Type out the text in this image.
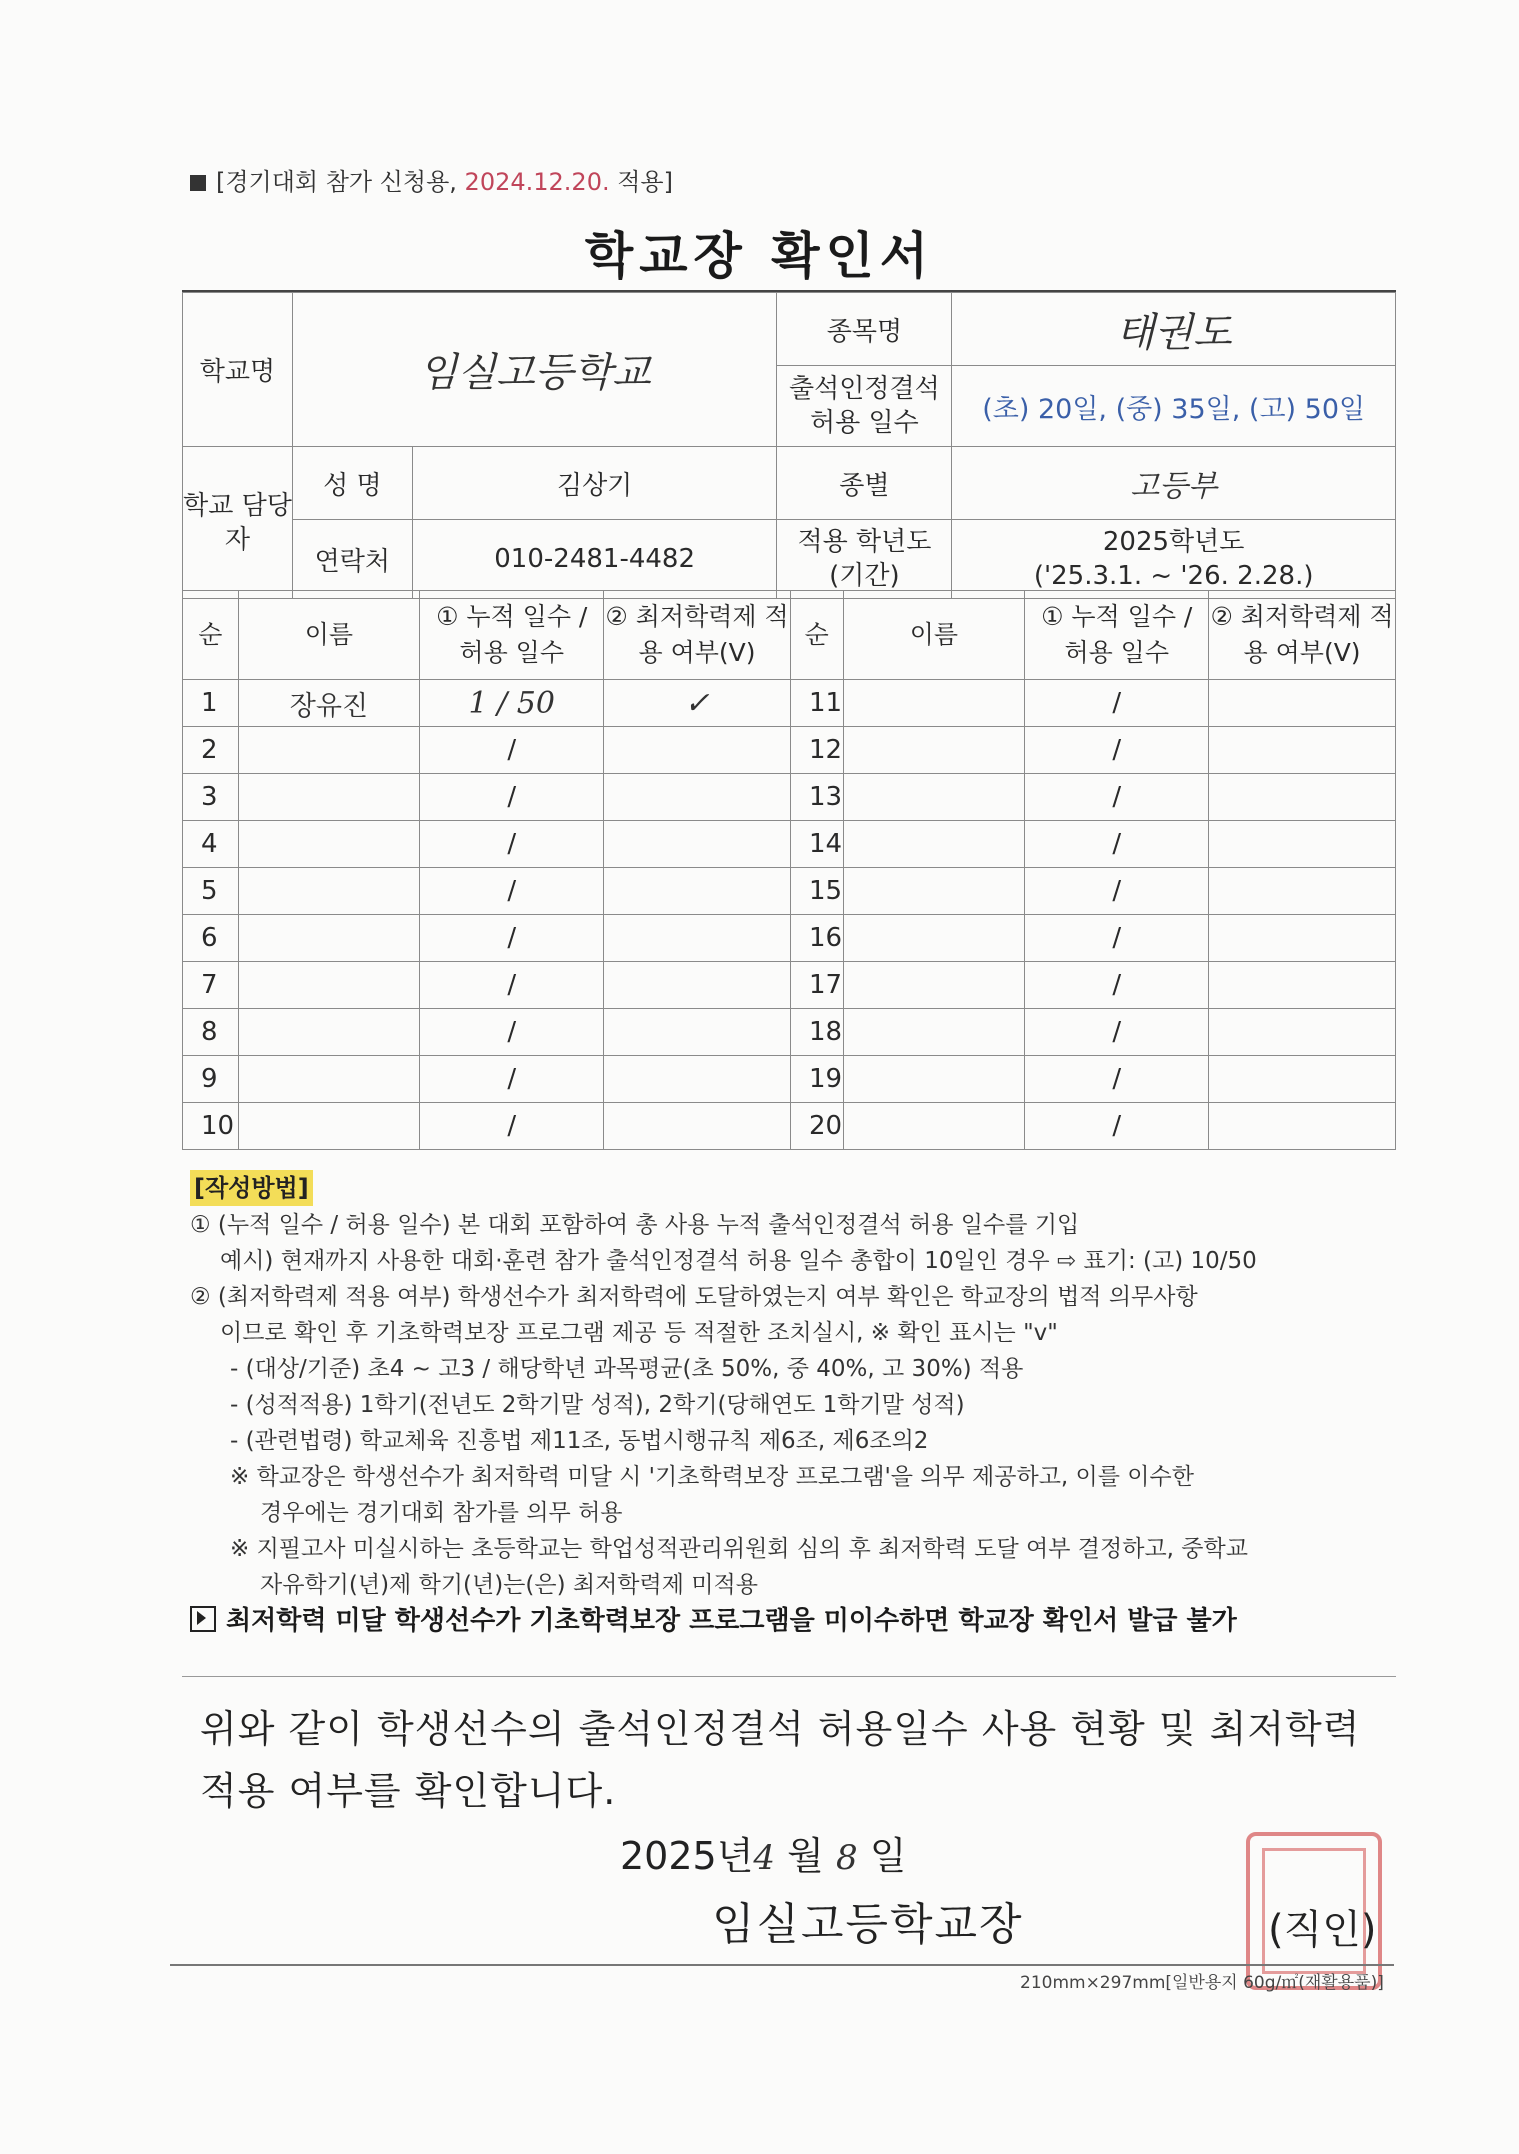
[경기대회 참가 신청용, 2024.12.20. 적용]
학교장 확인서
학교명	임실고등학교		종목명	태권도
			출석인정결석 허용 일수	(초) 20일, (중) 35일, (고) 50일
학교 담당자	성 명	김상기	종별	고등부
	연락처	010-2481-4482	적용 학년도 (기간)	2025학년도
('25.3.1. ~ '26. 2.28.)
순	이름	① 누적 일수 / 허용 일수	② 최저학력제 적용 여부(V)	순	이름	① 누적 일수 / 허용 일수	② 최저학력제 적용 여부(V)
1	장유진	1 / 50	✓	11		/	
2		/		12		/	
3		/		13		/	
4		/		14		/	
5		/		15		/	
6		/		16		/	
7		/		17		/	
8		/		18		/	
9		/		19		/	
10		/		20		/	

[작성방법]

① (누적 일수 / 허용 일수) 본 대회 포함하여 총 사용 누적 출석인정결석 허용 일수를 기입

예시) 현재까지 사용한 대회·훈련 참가 출석인정결석 허용 일수 총합이 10일인 경우 ⇨ 표기: (고) 10/50

② (최저학력제 적용 여부) 학생선수가 최저학력에 도달하였는지 여부 확인은 학교장의 법적 의무사항

이므로 확인 후 기초학력보장 프로그램 제공 등 적절한 조치실시, ※ 확인 표시는 "v"

- (대상/기준) 초4 ~ 고3 / 해당학년 과목평균(초 50%, 중 40%, 고 30%) 적용

- (성적적용) 1학기(전년도 2학기말 성적), 2학기(당해연도 1학기말 성적)

- (관련법령) 학교체육 진흥법 제11조, 동법시행규칙 제6조, 제6조의2

※ 학교장은 학생선수가 최저학력 미달 시 '기초학력보장 프로그램'을 의무 제공하고, 이를 이수한

경우에는 경기대회 참가를 의무 허용

※ 지필고사 미실시하는 초등학교는 학업성적관리위원회 심의 후 최저학력 도달 여부 결정하고, 중학교

자유학기(년)제 학기(년)는(은) 최저학력제 미적용

최저학력 미달 학생선수가 기초학력보장 프로그램을 미이수하면 학교장 확인서 발급 불가

위와 같이 학생선수의 출석인정결석 허용일수 사용 현황 및 최저학력 적용 여부를 확인합니다.
2025년4 월 8 일
임실고등학교장	(직인)
210mm×297mm[일반용지 60g/㎡(재활용품)]
